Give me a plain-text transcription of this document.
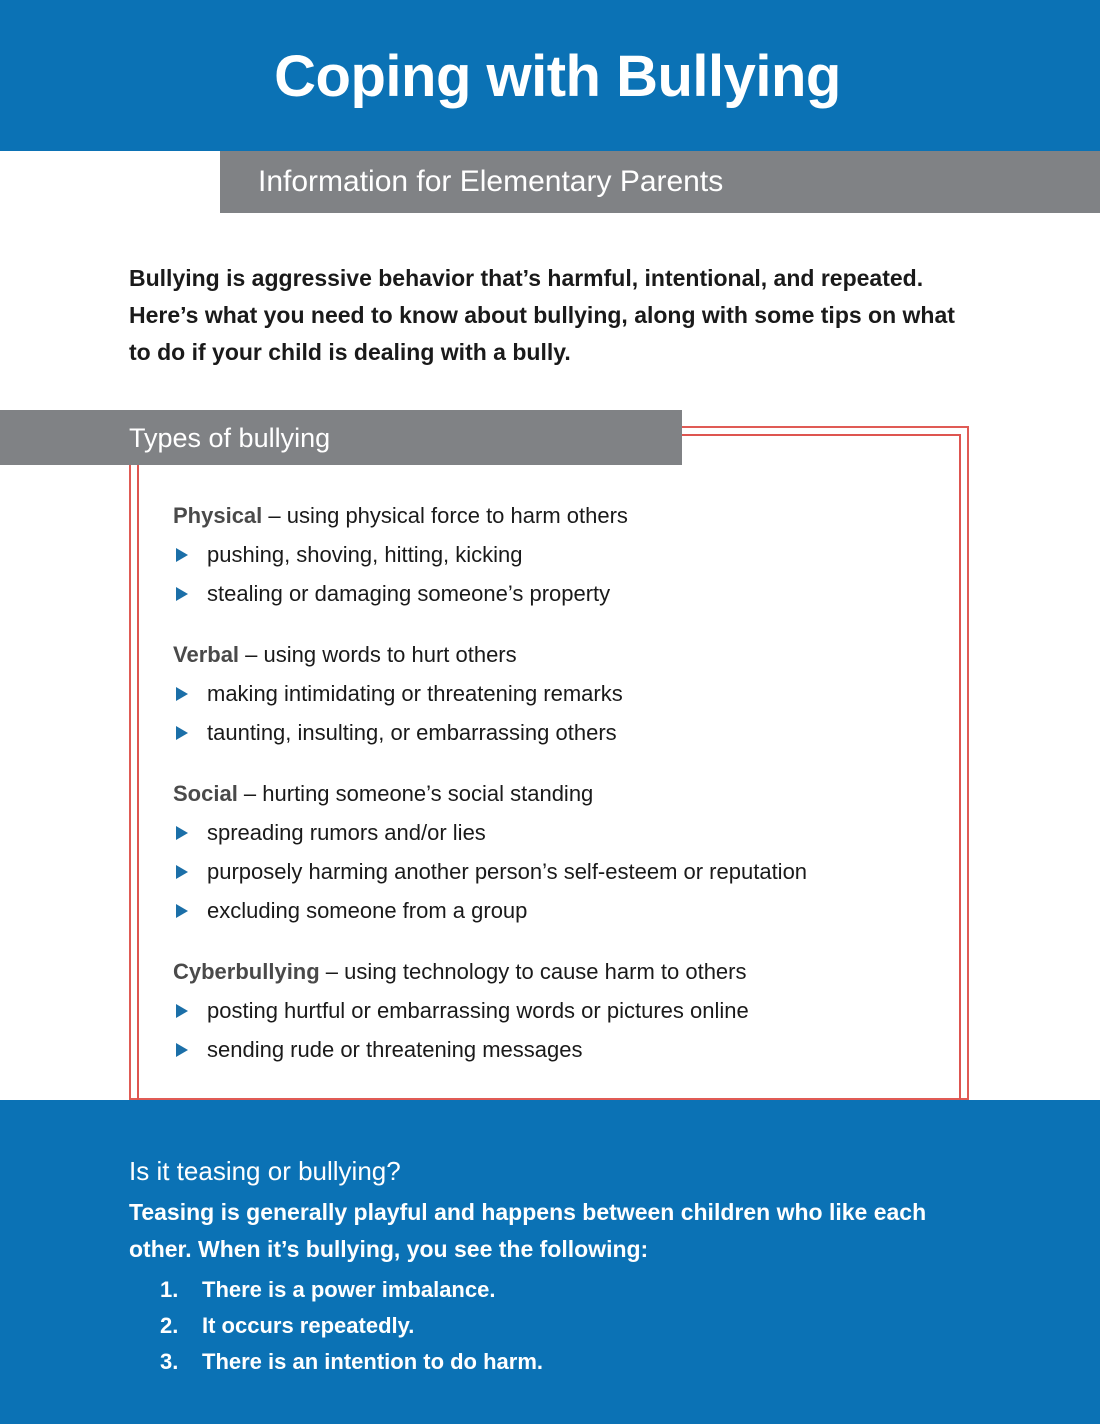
Coping with Bullying
Information for Elementary Parents
Bullying is aggressive behavior that’s harmful, intentional, and repeated. Here’s what you need to know about bullying, along with some tips on what to do if your child is dealing with a bully.
Types of bullying
Physical – using physical force to harm others
pushing, shoving, hitting, kicking
stealing or damaging someone’s property
Verbal – using words to hurt others
making intimidating or threatening remarks
taunting, insulting, or embarrassing others
Social – hurting someone’s social standing
spreading rumors and/or lies
purposely harming another person’s self-esteem or reputation
excluding someone from a group
Cyberbullying – using technology to cause harm to others
posting hurtful or embarrassing words or pictures online
sending rude or threatening messages
Is it teasing or bullying?
Teasing is generally playful and happens between children who like each other. When it’s bullying, you see the following:
1.	There is a power imbalance.
2.	It occurs repeatedly.
3.	There is an intention to do harm.
